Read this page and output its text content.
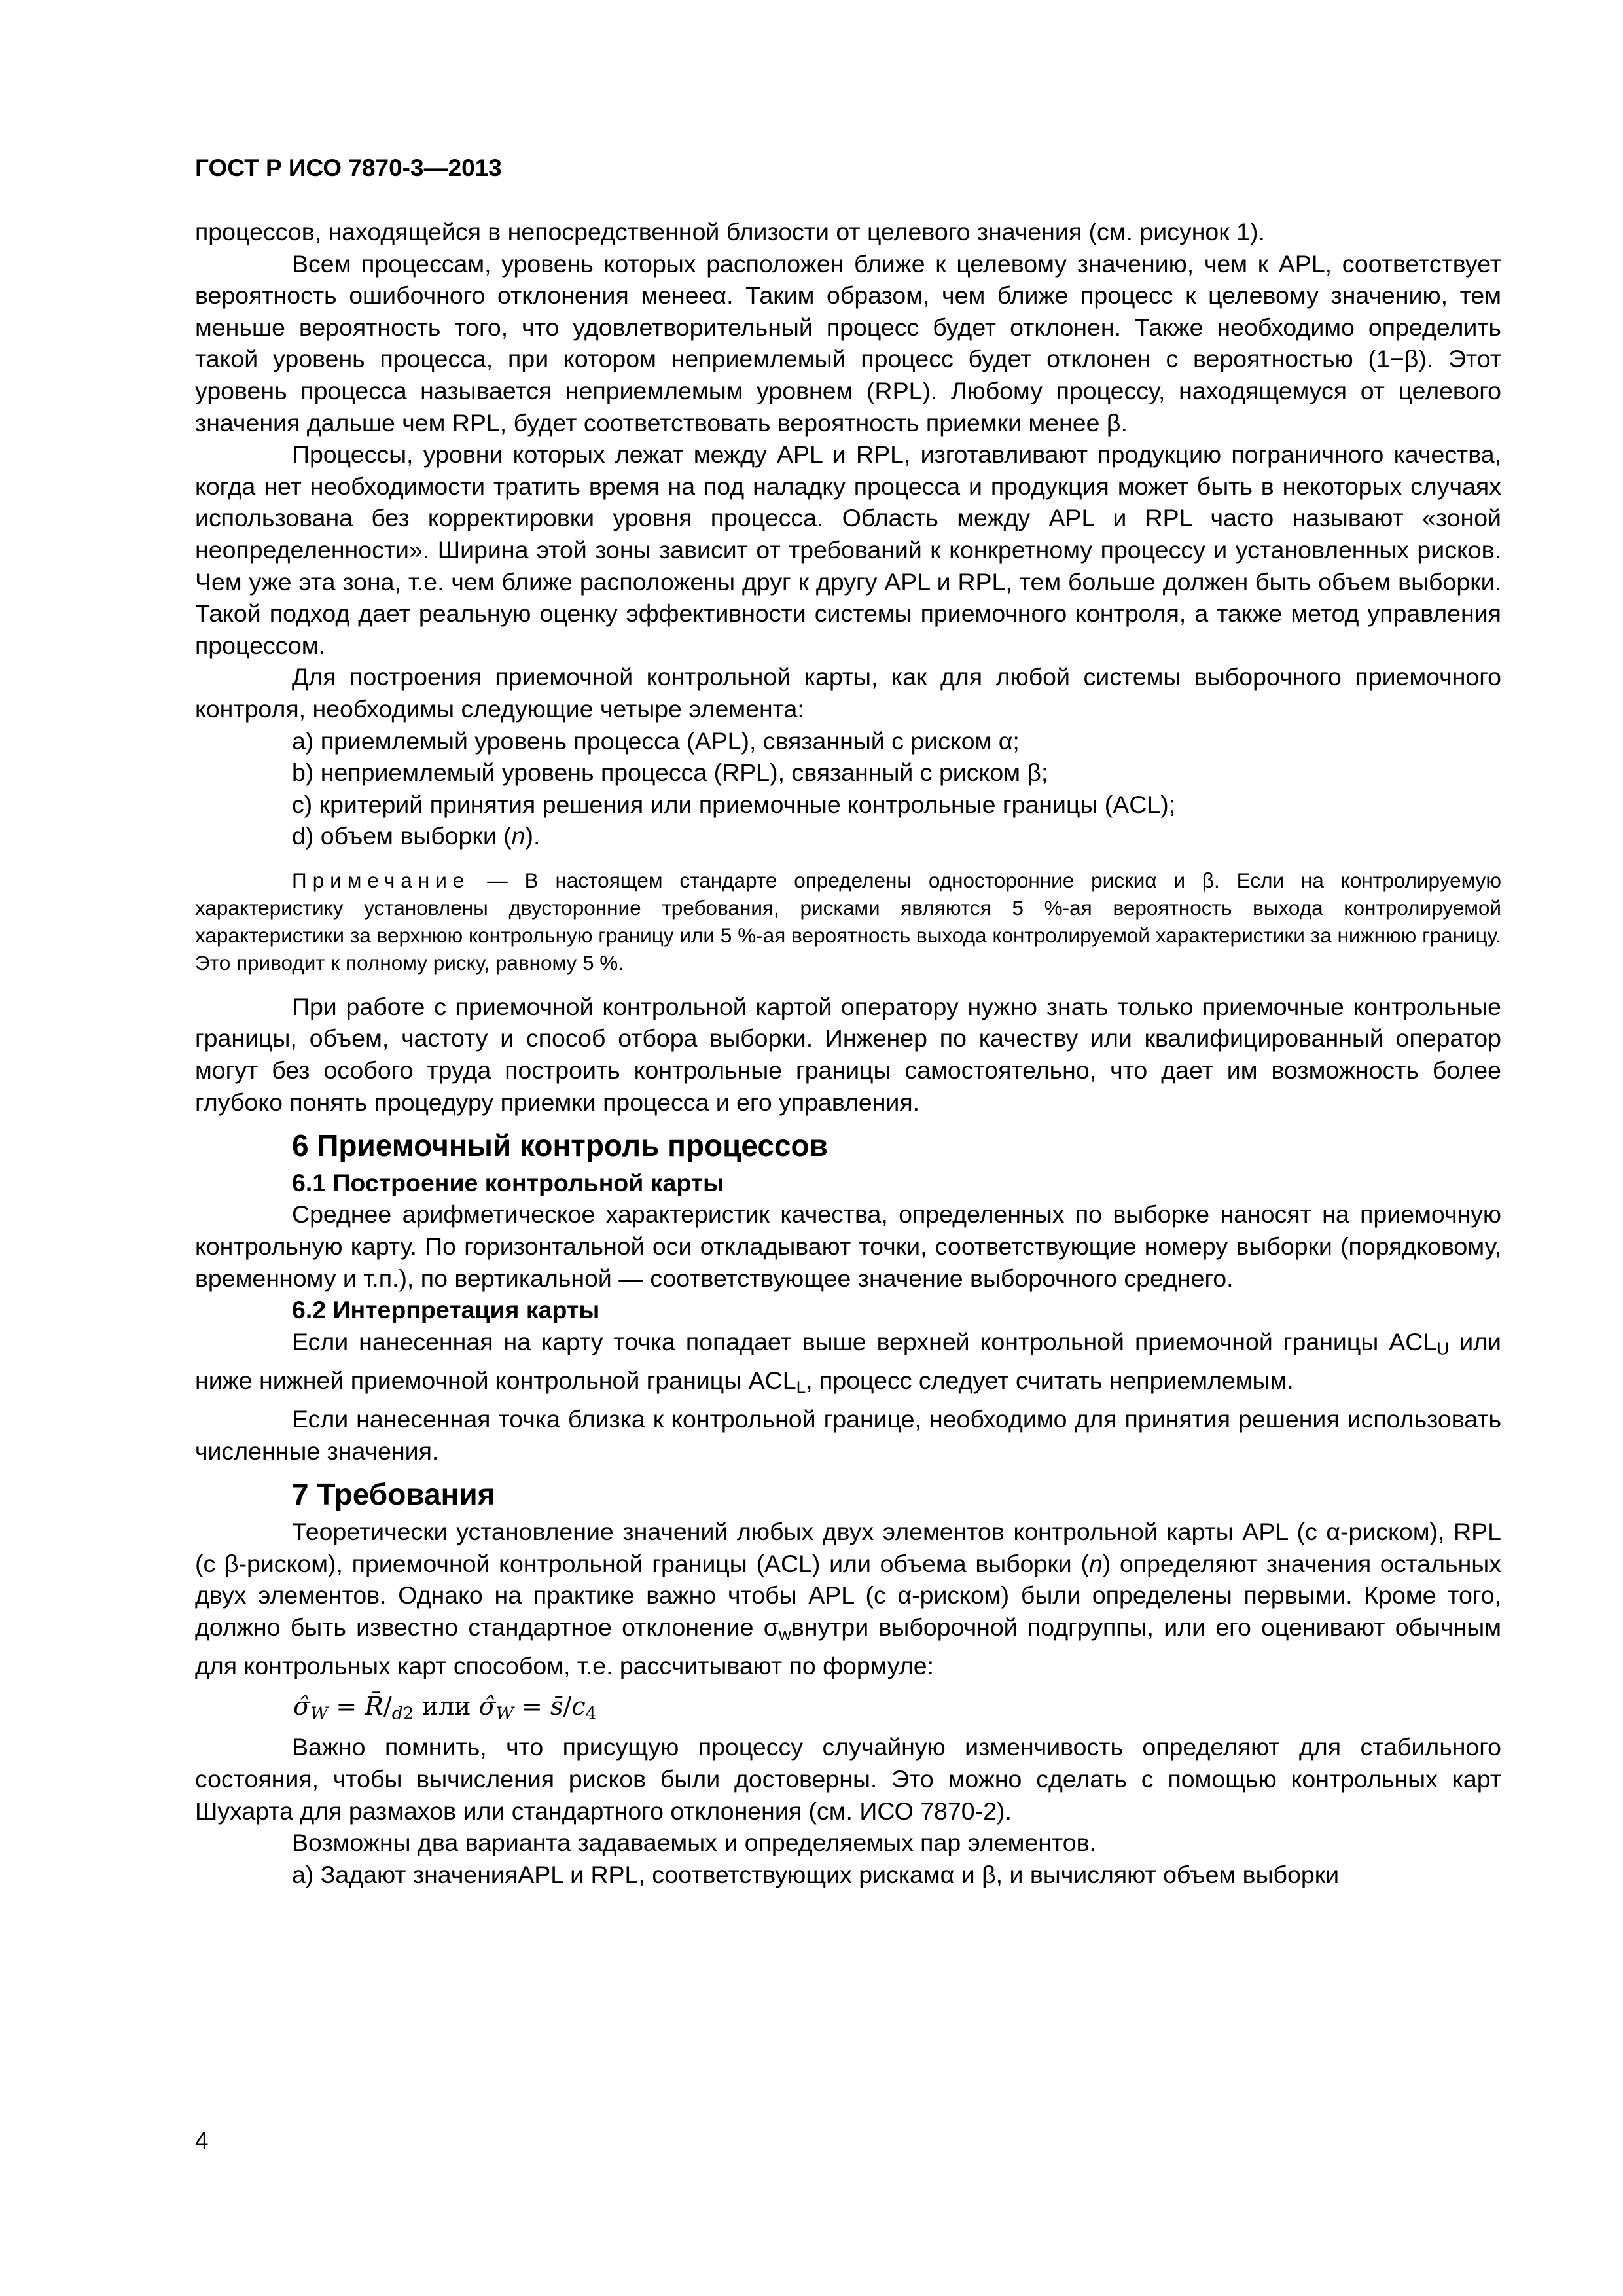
ГОСТ Р ИСО 7870-3—2013

процессов, находящейся в непосредственной близости от целевого значения (см. рисунок 1).

Всем процессам, уровень которых расположен ближе к целевому значению, чем к APL, соответствует вероятность ошибочного отклонения менееα. Таким образом, чем ближе процесс к целевому значению, тем меньше вероятность того, что удовлетворительный процесс будет отклонен. Также необходимо определить такой уровень процесса, при котором неприемлемый процесс будет отклонен с вероятностью (1−β). Этот уровень процесса называется неприемлемым уровнем (RPL). Любому процессу, находящемуся от целевого значения дальше чем RPL, будет соответствовать вероятность приемки менее β.

Процессы, уровни которых лежат между APL и RPL, изготавливают продукцию пограничного качества, когда нет необходимости тратить время на под наладку процесса и продукция может быть в некоторых случаях использована без корректировки уровня процесса. Область между APL и RPL часто называют «зоной неопределенности». Ширина этой зоны зависит от требований к конкретному процессу и установленных рисков. Чем уже эта зона, т.е. чем ближе расположены друг к другу APL и RPL, тем больше должен быть объем выборки. Такой подход дает реальную оценку эффективности системы приемочного контроля, а также метод управления процессом.

Для построения приемочной контрольной карты, как для любой системы выборочного приемочного контроля, необходимы следующие четыре элемента:

a) приемлемый уровень процесса (APL), связанный с риском α;

b) неприемлемый уровень процесса (RPL), связанный с риском β;

c) критерий принятия решения или приемочные контрольные границы (ACL);

d) объем выборки (n).

Примечание — В настоящем стандарте определены односторонние рискиα и β. Если на контролируемую характеристику установлены двусторонние требования, рисками являются 5 %-ая вероятность выхода контролируемой характеристики за верхнюю контрольную границу или 5 %-ая вероятность выхода контролируемой характеристики за нижнюю границу. Это приводит к полному риску, равному 5 %.

При работе с приемочной контрольной картой оператору нужно знать только приемочные контрольные границы, объем, частоту и способ отбора выборки. Инженер по качеству или квалифицированный оператор могут без особого труда построить контрольные границы самостоятельно, что дает им возможность более глубоко понять процедуру приемки процесса и его управления.

6 Приемочный контроль процессов
6.1 Построение контрольной карты

Среднее арифметическое характеристик качества, определенных по выборке наносят на приемочную контрольную карту. По горизонтальной оси откладывают точки, соответствующие номеру выборки (порядковому, временному и т.п.), по вертикальной — соответствующее значение выборочного среднего.

6.2 Интерпретация карты

Если нанесенная на карту точка попадает выше верхней контрольной приемочной границы $ACL_U$ или ниже нижней приемочной контрольной границы $ACL_L$, процесс следует считать неприемлемым.

Если нанесенная точка близка к контрольной границе, необходимо для принятия решения использовать численные значения.

7 Требования

Теоретически установление значений любых двух элементов контрольной карты APL (с α-риском), RPL (с β-риском), приемочной контрольной границы (ACL) или объема выборки (n) определяют значения остальных двух элементов. Однако на практике важно чтобы APL (с α-риском) были определены первыми. Кроме того, должно быть известно стандартное отклонение $\sigma_wвнутри$ выборочной подгруппы, или его оценивают обычным для контрольных карт способом, т.е. рассчитывают по формуле:

$\sigmâ_W$ = $R̄/_{d2}$ или $\sigmâ_W$ = $s̄/c_4$

Важно помнить, что присущую процессу случайную изменчивость определяют для стабильного состояния, чтобы вычисления рисков были достоверны. Это можно сделать с помощью контрольных карт Шухарта для размахов или стандартного отклонения (см. ИСО 7870-2).

Возможны два варианта задаваемых и определяемых пар элементов.

a) Задают значенияAPL и RPL, соответствующих рискамα и β, и вычисляют объем выборки

4
